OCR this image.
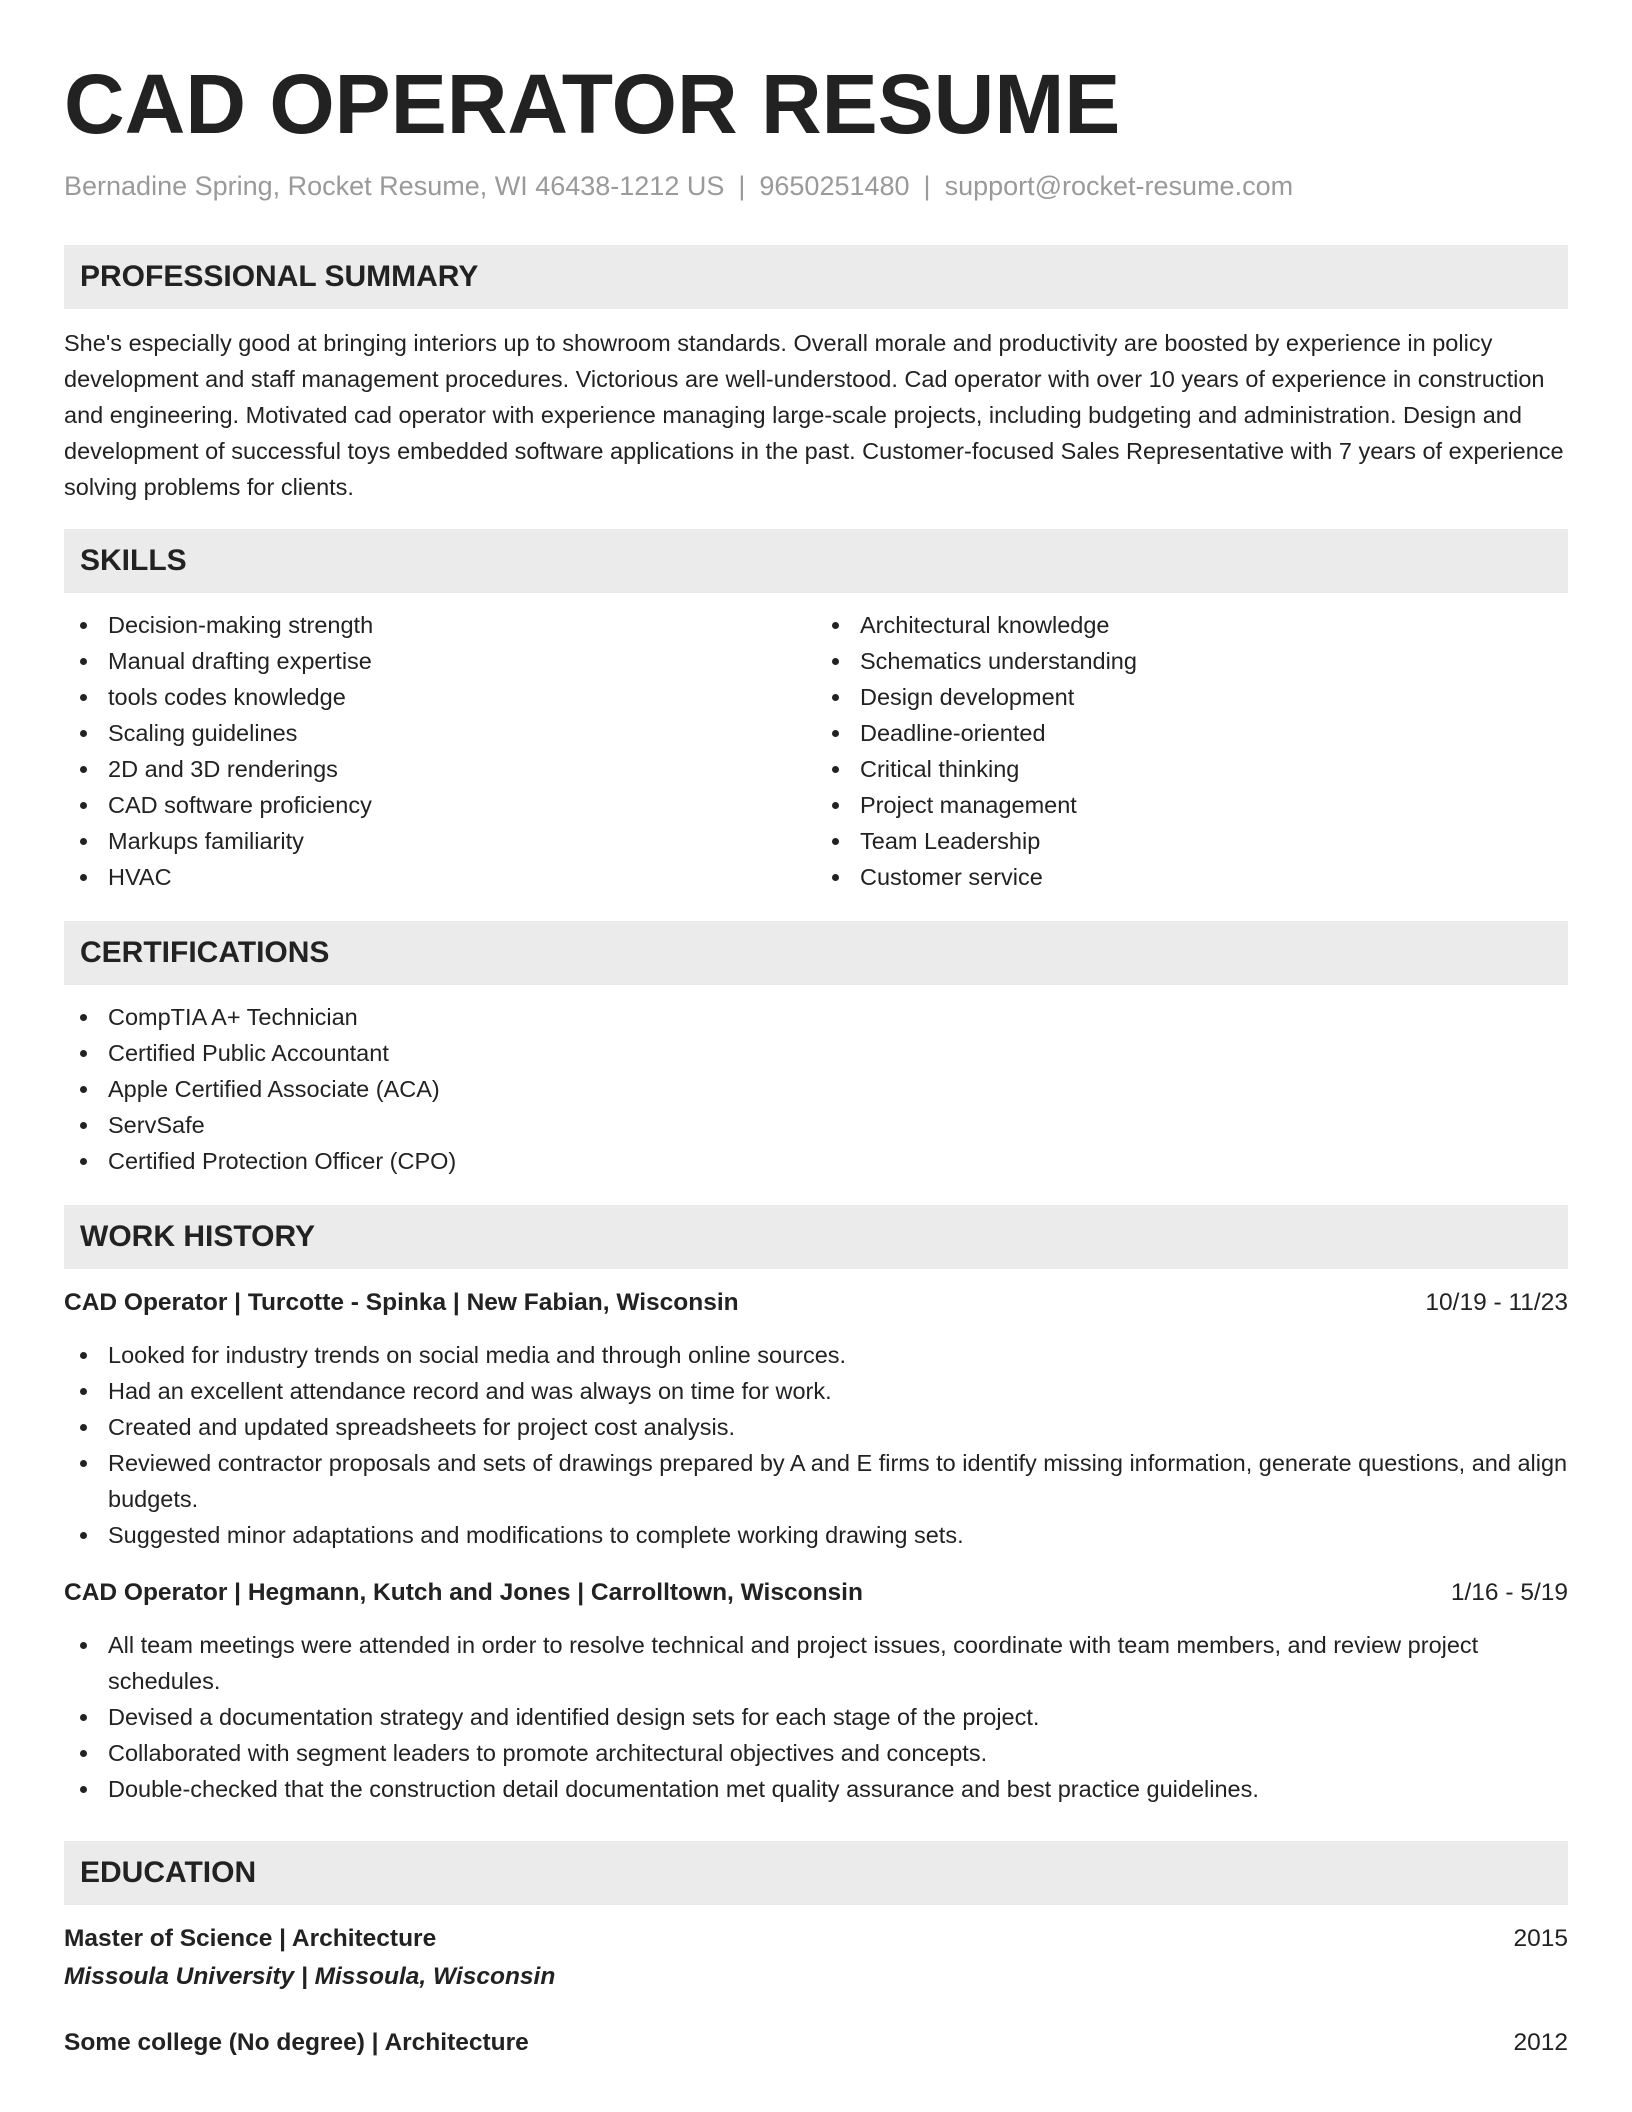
CAD OPERATOR RESUME
Bernadine Spring, Rocket Resume, WI 46438-1212 US | 9650251480 | support@rocket-resume.com
PROFESSIONAL SUMMARY

She's especially good at bringing interiors up to showroom standards. Overall morale and productivity are boosted by experience in policy development and staff management procedures. Victorious are well-understood. Cad operator with over 10 years of experience in construction and engineering. Motivated cad operator with experience managing large-scale projects, including budgeting and administration. Design and development of successful toys embedded software applications in the past. Customer-focused Sales Representative with 7 years of experience solving problems for clients.

SKILLS
Decision-making strength
Manual drafting expertise
tools codes knowledge
Scaling guidelines
2D and 3D renderings
CAD software proficiency
Markups familiarity
HVAC
Architectural knowledge
Schematics understanding
Design development
Deadline-oriented
Critical thinking
Project management
Team Leadership
Customer service
CERTIFICATIONS
CompTIA A+ Technician
Certified Public Accountant
Apple Certified Associate (ACA)
ServSafe
Certified Protection Officer (CPO)
WORK HISTORY
CAD Operator | Turcotte - Spinka | New Fabian, Wisconsin	10/19 - 11/23
Looked for industry trends on social media and through online sources.
Had an excellent attendance record and was always on time for work.
Created and updated spreadsheets for project cost analysis.
Reviewed contractor proposals and sets of drawings prepared by A and E firms to identify missing information, generate questions, and align budgets.
Suggested minor adaptations and modifications to complete working drawing sets.
CAD Operator | Hegmann, Kutch and Jones | Carrolltown, Wisconsin	1/16 - 5/19
All team meetings were attended in order to resolve technical and project issues, coordinate with team members, and review project schedules.
Devised a documentation strategy and identified design sets for each stage of the project.
Collaborated with segment leaders to promote architectural objectives and concepts.
Double-checked that the construction detail documentation met quality assurance and best practice guidelines.
EDUCATION
Master of Science | Architecture	2015
Missoula University | Missoula, Wisconsin
Some college (No degree) | Architecture	2012
